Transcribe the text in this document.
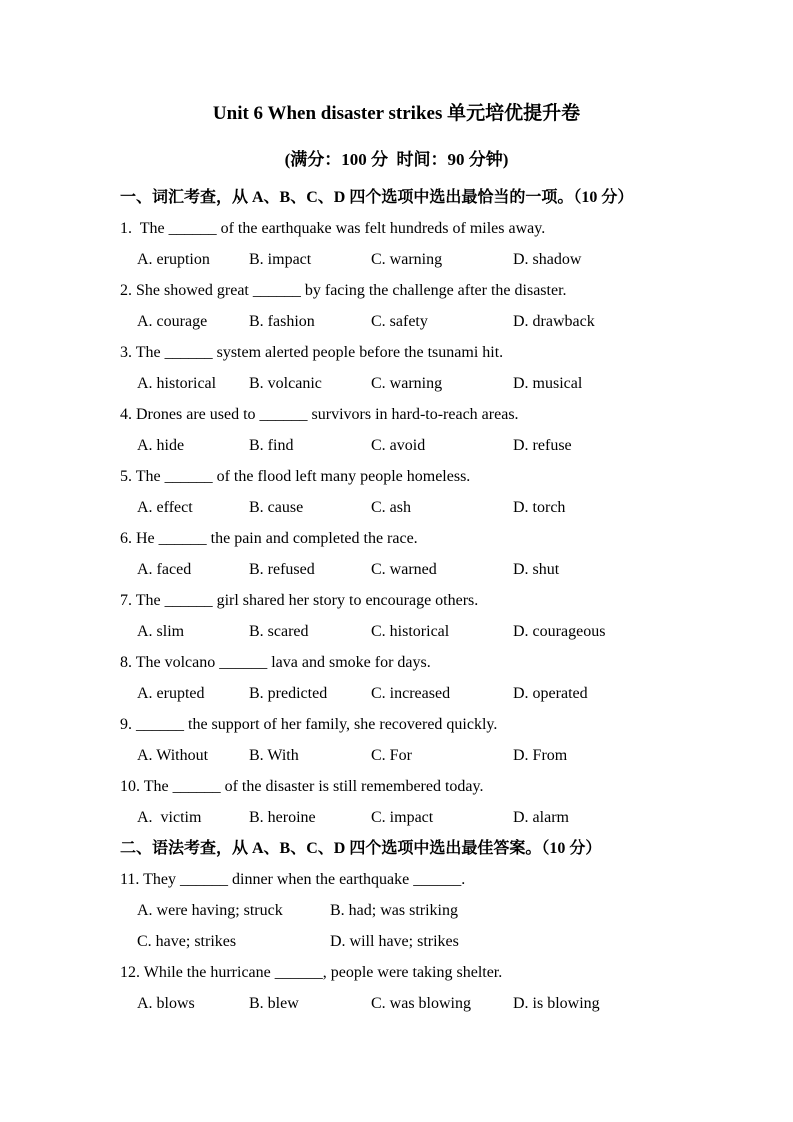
Unit 6 When disaster strikes 单元培优提升卷
(满分：100 分  时间：90 分钟)
一、词汇考查，从 A、B、C、D 四个选项中选出最恰当的一项。（10 分）
1.  The ______ of the earthquake was felt hundreds of miles away.
A. eruption	B. impact	C. warning	D. shadow
2. She showed great ______ by facing the challenge after the disaster.
A. courage	B. fashion	C. safety	D. drawback
3. The ______ system alerted people before the tsunami hit.
A. historical	B. volcanic	C. warning	D. musical
4. Drones are used to ______ survivors in hard-to-reach areas.
A. hide	B. find	C. avoid	D. refuse
5. The ______ of the flood left many people homeless.
A. effect	B. cause	C. ash	D. torch
6. He ______ the pain and completed the race.
A. faced	B. refused	C. warned	D. shut
7. The ______ girl shared her story to encourage others.
A. slim	B. scared	C. historical	D. courageous
8. The volcano ______ lava and smoke for days.
A. erupted	B. predicted	C. increased	D. operated
9. ______ the support of her family, she recovered quickly.
A. Without	B. With	C. For	D. From
10. The ______ of the disaster is still remembered today.
A.  victim	B. heroine	C. impact	D. alarm
二、语法考查，从 A、B、C、D 四个选项中选出最佳答案。（10 分）
11. They ______ dinner when the earthquake ______.
A. were having; struck	B. had; was striking
C. have; strikes	D. will have; strikes
12. While the hurricane ______, people were taking shelter.
A. blows	B. blew	C. was blowing	D. is blowing
